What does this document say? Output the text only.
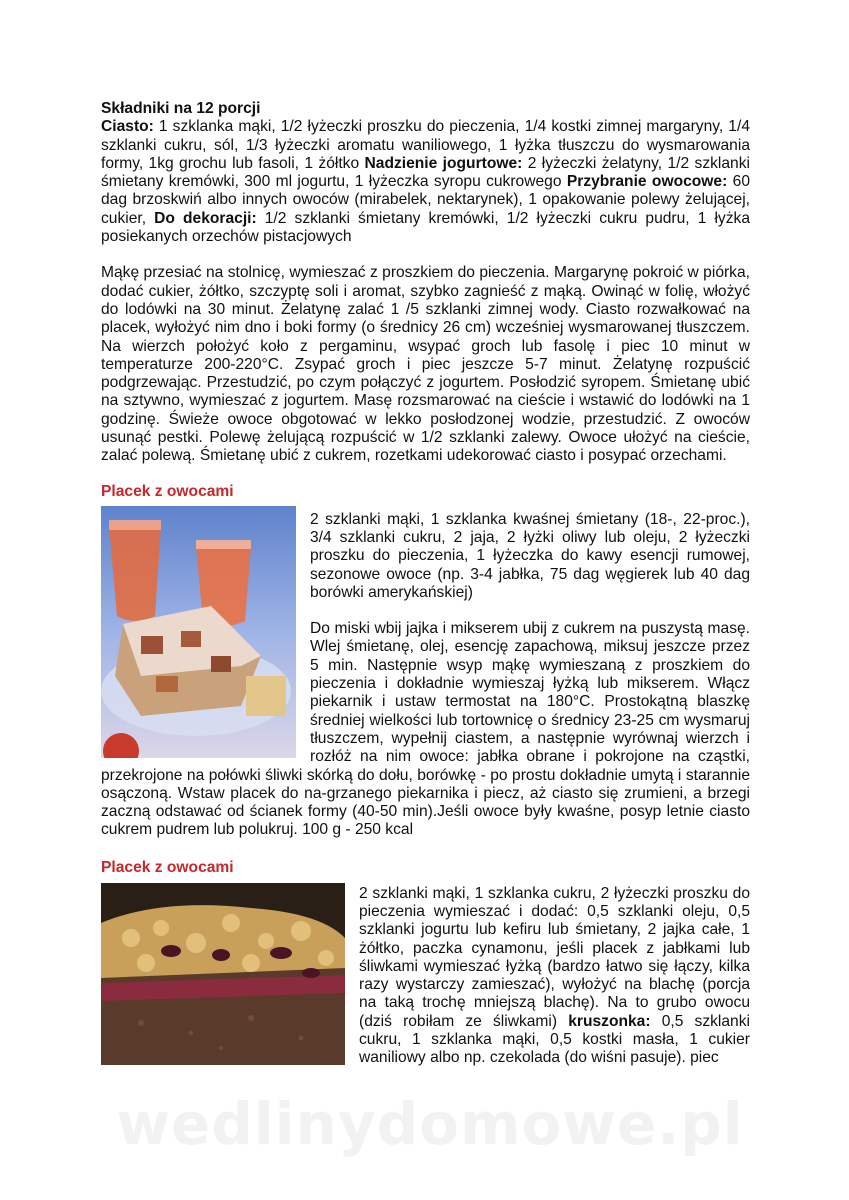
Składniki na 12 porcji

Ciasto: 1 szklanka mąki, 1/2 łyżeczki proszku do pieczenia, 1/4 kostki zimnej margaryny, 1/4 szklanki cukru, sól, 1/3 łyżeczki aromatu waniliowego, 1 łyżka tłuszczu do wysmarowania formy, 1kg grochu lub fasoli, 1 żółtko Nadzienie jogurtowe: 2 łyżeczki żelatyny, 1/2 szklanki śmietany kremówki, 300 ml jogurtu, 1 łyżeczka syropu cukrowego Przybranie owocowe: 60 dag brzoskwiń albo innych owoców (mirabelek, nektarynek), 1 opakowanie polewy żelującej, cukier, Do dekoracji: 1/2 szklanki śmietany kremówki, 1/2 łyżeczki cukru pudru, 1 łyżka posiekanych orzechów pistacjowych

Mąkę przesiać na stolnicę, wymieszać z proszkiem do pieczenia. Margarynę pokroić w piórka, dodać cukier, żółtko, szczyptę soli i aromat, szybko zagnieść z mąką. Owinąć w folię, włożyć do lodówki na 30 minut. Żelatynę zalać 1 /5 szklanki zimnej wody. Ciasto rozwałkować na placek, wyłożyć nim dno i boki formy (o średnicy 26 cm) wcześniej wysmarowanej tłuszczem. Na wierzch położyć koło z pergaminu, wsypać groch lub fasolę i piec 10 minut w temperaturze 200-220°C. Zsypać groch i piec jeszcze 5-7 minut. Żelatynę rozpuścić podgrzewając. Przestudzić, po czym połączyć z jogurtem. Posłodzić syropem. Śmietanę ubić na sztywno, wymieszać z jogurtem. Masę rozsmarować na cieście i wstawić do lodówki na 1 godzinę. Świeże owoce obgotować w lekko posłodzonej wodzie, przestudzić. Z owoców usunąć pestki. Polewę żelującą rozpuścić w 1/2 szklanki zalewy. Owoce ułożyć na cieście, zalać polewą. Śmietanę ubić z cukrem, rozetkami udekorować ciasto i posypać orzechami.

Placek z owocami

2 szklanki mąki, 1 szklanka kwaśnej śmietany (18-, 22-proc.), 3/4 szklanki cukru, 2 jaja, 2 łyżki oliwy lub oleju, 2 łyżeczki proszku do pieczenia, 1 łyżeczka do kawy esencji rumowej, sezonowe owoce (np. 3-4 jabłka, 75 dag węgierek lub 40 dag borówki amerykańskiej)

Do miski wbij jajka i mikserem ubij z cukrem na puszystą masę. Wlej śmietanę, olej, esencję zapachową, miksuj jeszcze przez 5 min. Następnie wsyp mąkę wymieszaną z proszkiem do pieczenia i dokładnie wymieszaj łyżką lub mikserem. Włącz piekarnik i ustaw termostat na 180°C. Prostokątną blaszkę średniej wielkości lub tortownicę o średnicy 23-25 cm wysmaruj tłuszczem, wypełnij ciastem, a następnie wyrównaj wierzch i rozłóż na nim owoce: jabłka obrane i pokrojone na cząstki, przekrojone na połówki śliwki skórką do dołu, borówkę - po prostu dokładnie umytą i starannie osączoną. Wstaw placek do na-grzanego piekarnika i piecz, aż ciasto się zrumieni, a brzegi zaczną odstawać od ścianek formy (40-50 min).Jeśli owoce były kwaśne, posyp letnie ciasto cukrem pudrem lub polukruj. 100 g - 250 kcal

Placek z owocami

2 szklanki mąki, 1 szklanka cukru, 2 łyżeczki proszku do pieczenia wymieszać i dodać: 0,5 szklanki oleju, 0,5 szklanki jogurtu lub kefiru lub śmietany, 2 jajka całe, 1 żółtko, paczka cynamonu, jeśli placek z jabłkami lub śliwkami wymieszać łyżką (bardzo łatwo się łączy, kilka razy wystarczy zamieszać), wyłożyć na blachę (porcja na taką trochę mniejszą blachę). Na to grubo owocu (dziś robiłam ze śliwkami) kruszonka: 0,5 szklanki cukru, 1 szklanka mąki, 0,5 kostki masła, 1 cukier waniliowy albo np. czekolada (do wiśni pasuje). piec

wedlinydomowe.pl
